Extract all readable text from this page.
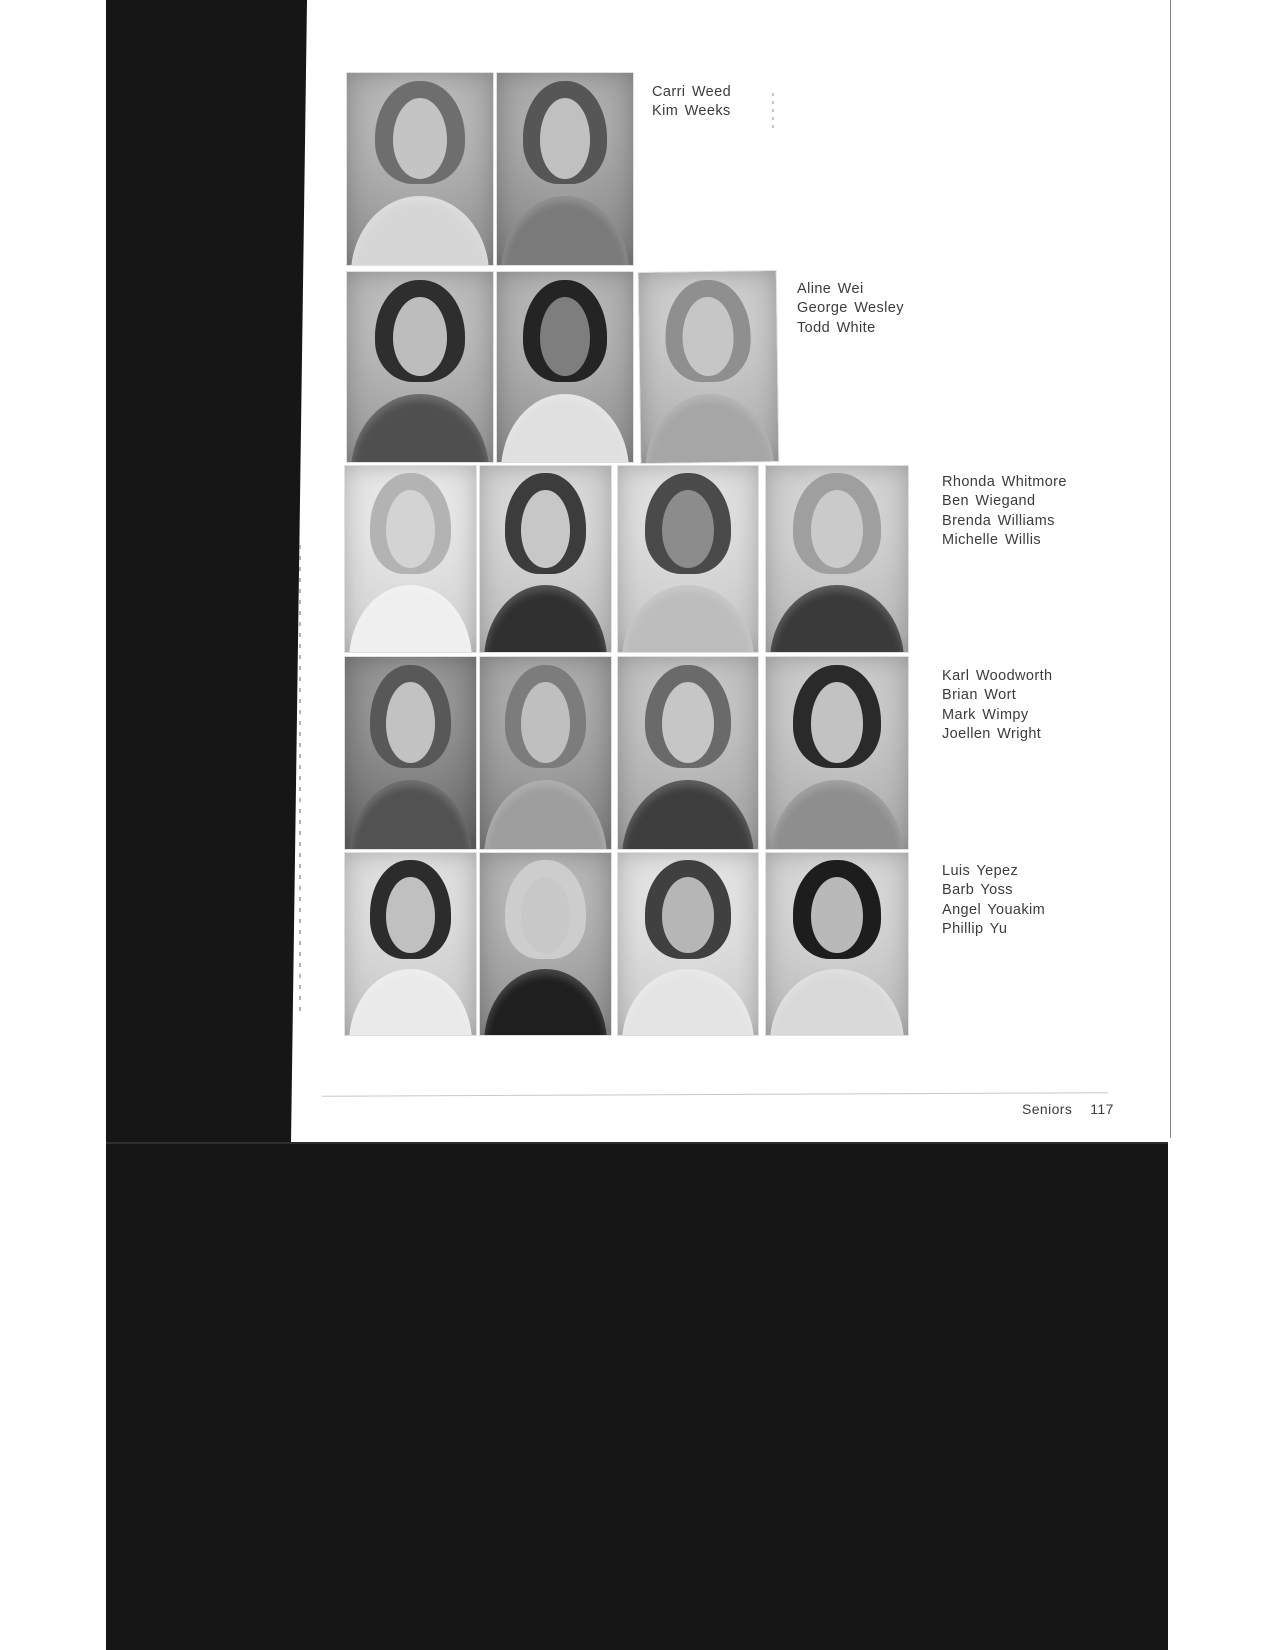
Carri Weed
Kim Weeks
Aline Wei
George Wesley
Todd White
Rhonda Whitmore
Ben Wiegand
Brenda Williams
Michelle Willis
Karl Woodworth
Brian Wort
Mark Wimpy
Joellen Wright
Luis Yepez
Barb Yoss
Angel Youakim
Phillip Yu
Seniors 117
